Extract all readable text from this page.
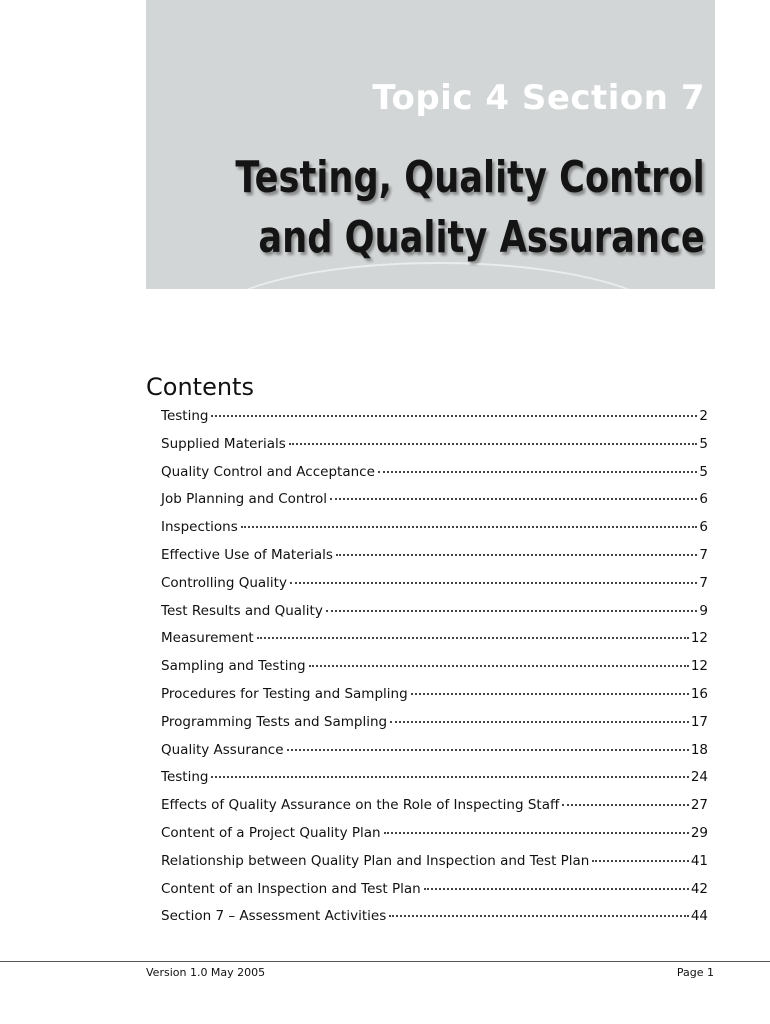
Topic 4 Section 7
Testing, Quality Control
and Quality Assurance
Contents
Testing	2
Supplied Materials	5
Quality Control and Acceptance	5
Job Planning and Control	6
Inspections	6
Effective Use of Materials	7
Controlling Quality	7
Test Results and Quality	9
Measurement	12
Sampling and Testing	12
Procedures for Testing and Sampling	16
Programming Tests and Sampling	17
Quality Assurance	18
Testing	24
Effects of Quality Assurance on the Role of Inspecting Staff	27
Content of a Project Quality Plan	29
Relationship between Quality Plan and Inspection and Test Plan	41
Content of an Inspection and Test Plan	42
Section 7 – Assessment Activities	44
Version 1.0 May 2005	Page 1
